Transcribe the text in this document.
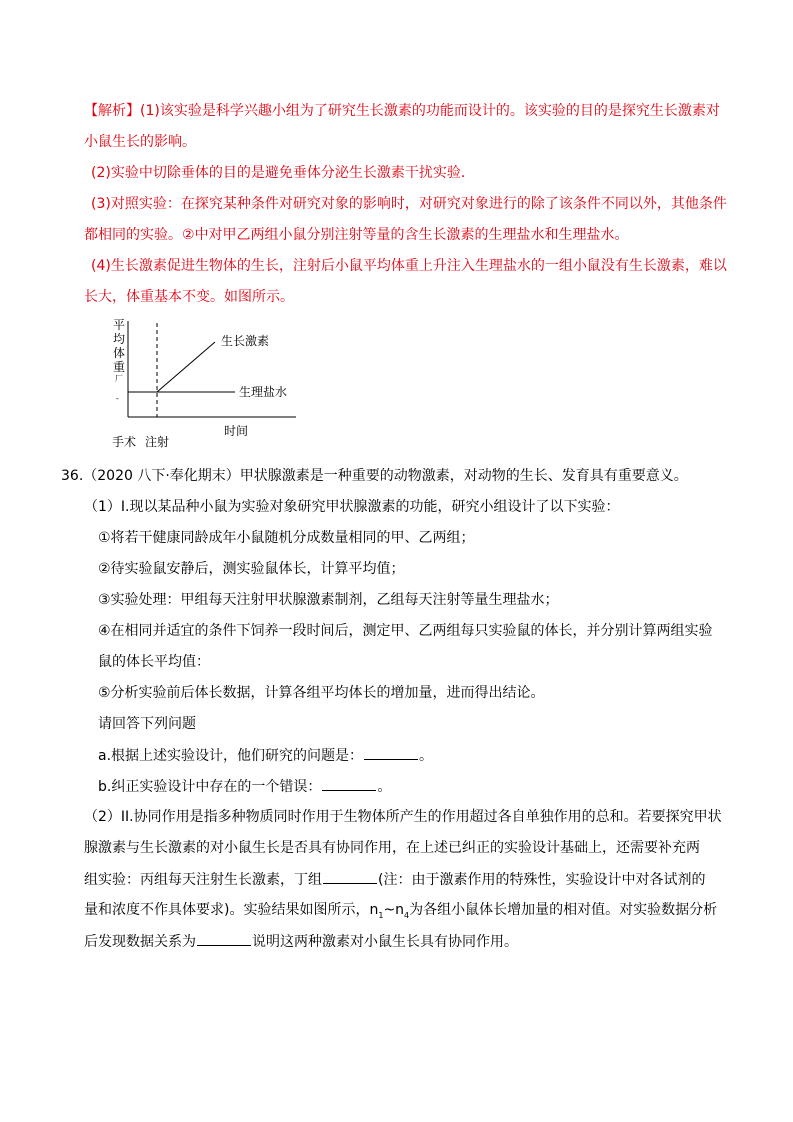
【解析】(1)该实验是科学兴趣小组为了研究生长激素的功能而设计的。该实验的目的是探究生长激素对
小鼠生长的影响。
(2)实验中切除垂体的目的是避免垂体分泌生长激素干扰实验．
(3)对照实验：在探究某种条件对研究对象的影响时，对研究对象进行的除了该条件不同以外，其他条件
都相同的实验。②中对甲乙两组小鼠分别注射等量的含生长激素的生理盐水和生理盐水。
(4)生长激素促进生物体的生长，注射后小鼠平均体重上升注入生理盐水的一组小鼠没有生长激素，难以
长大，体重基本不变。如图所示。
平
均
体
重
厂
-
生长激素
生理盐水
手术 注射
时间
36.（2020 八下·奉化期末）甲状腺激素是一种重要的动物激素，对动物的生长、发育具有重要意义。
（1）I.现以某品种小鼠为实验对象研究甲状腺激素的功能，研究小组设计了以下实验：
①将若干健康同龄成年小鼠随机分成数量相同的甲、乙两组；
②待实验鼠安静后，测实验鼠体长，计算平均值；
③实验处理：甲组每天注射甲状腺激素制剂，乙组每天注射等量生理盐水；
④在相同并适宜的条件下饲养一段时间后，测定甲、乙两组每只实验鼠的体长，并分别计算两组实验
鼠的体长平均值：
⑤分析实验前后体长数据，计算各组平均体长的增加量，进而得出结论。
请回答下列问题
a.根据上述实验设计，他们研究的问题是：	。
b.纠正实验设计中存在的一个错误：	。
（2）II.协同作用是指多种物质同时作用于生物体所产生的作用超过各自单独作用的总和。若要探究甲状
腺激素与生长激素的对小鼠生长是否具有协同作用，在上述已纠正的实验设计基础上，还需要补充两
组实验：丙组每天注射生长激素，丁组	(注：由于激素作用的特殊性，实验设计中对各试剂的
量和浓度不作具体要求)。实验结果如图所示，$n_1\sim n_4$为各组小鼠体长增加量的相对值。对实验数据分析
后发现数据关系为	说明这两种激素对小鼠生长具有协同作用。
